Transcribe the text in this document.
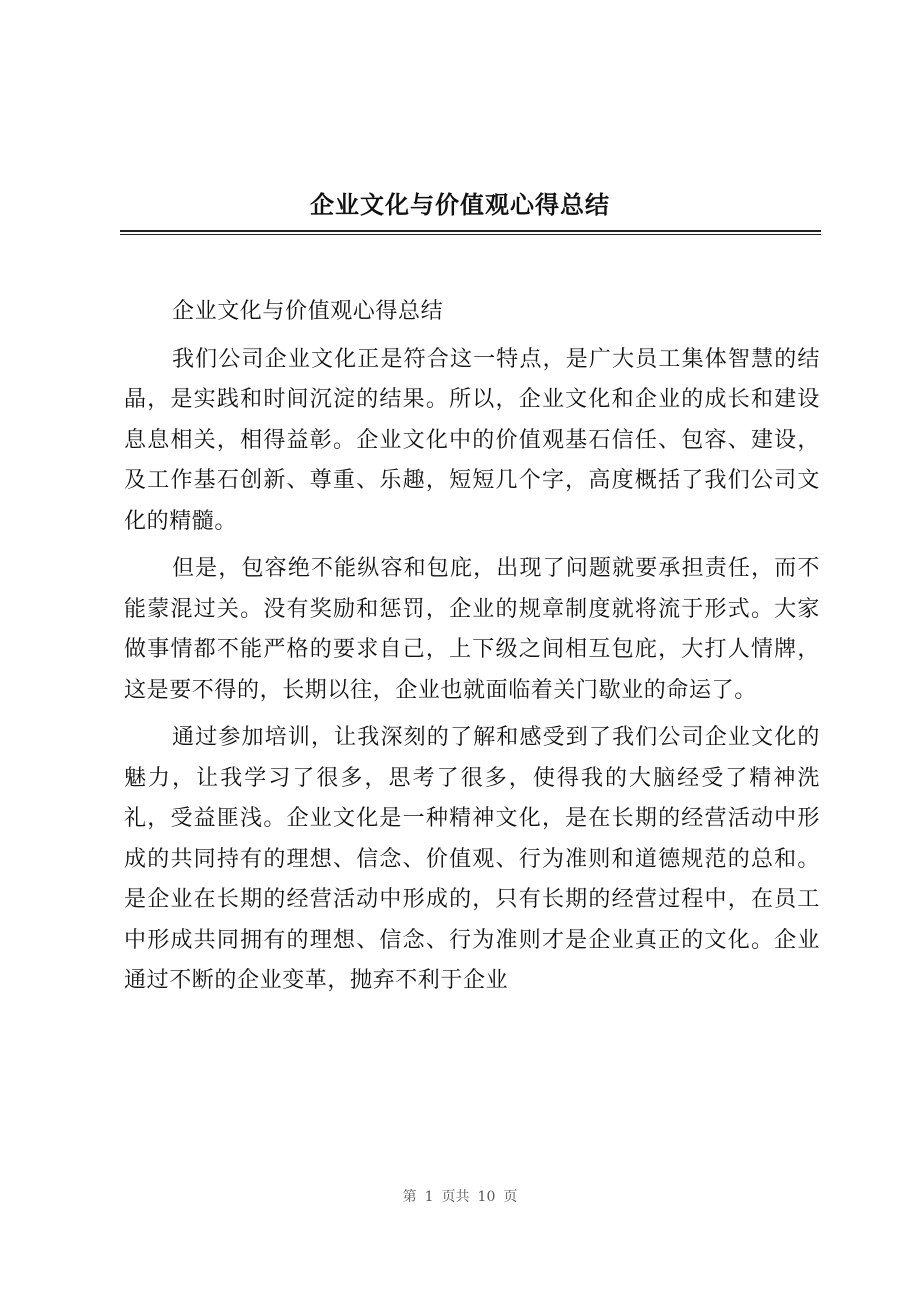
企业文化与价值观心得总结

企业文化与价值观心得总结

我们公司企业文化正是符合这一特点，是广大员工集体智慧的结晶，是实践和时间沉淀的结果。所以，企业文化和企业的成长和建设息息相关，相得益彰。企业文化中的价值观基石信任、包容、建设，及工作基石创新、尊重、乐趣，短短几个字，高度概括了我们公司文化的精髓。

但是，包容绝不能纵容和包庇，出现了问题就要承担责任，而不能蒙混过关。没有奖励和惩罚，企业的规章制度就将流于形式。大家做事情都不能严格的要求自己，上下级之间相互包庇，大打人情牌，这是要不得的，长期以往，企业也就面临着关门歇业的命运了。

通过参加培训，让我深刻的了解和感受到了我们公司企业文化的魅力，让我学习了很多，思考了很多，使得我的大脑经受了精神洗礼，受益匪浅。企业文化是一种精神文化，是在长期的经营活动中形成的共同持有的理想、信念、价值观、行为准则和道德规范的总和。是企业在长期的经营活动中形成的，只有长期的经营过程中，在员工中形成共同拥有的理想、信念、行为准则才是企业真正的文化。企业通过不断的企业变革，抛弃不利于企业

第 1 页共 10 页
